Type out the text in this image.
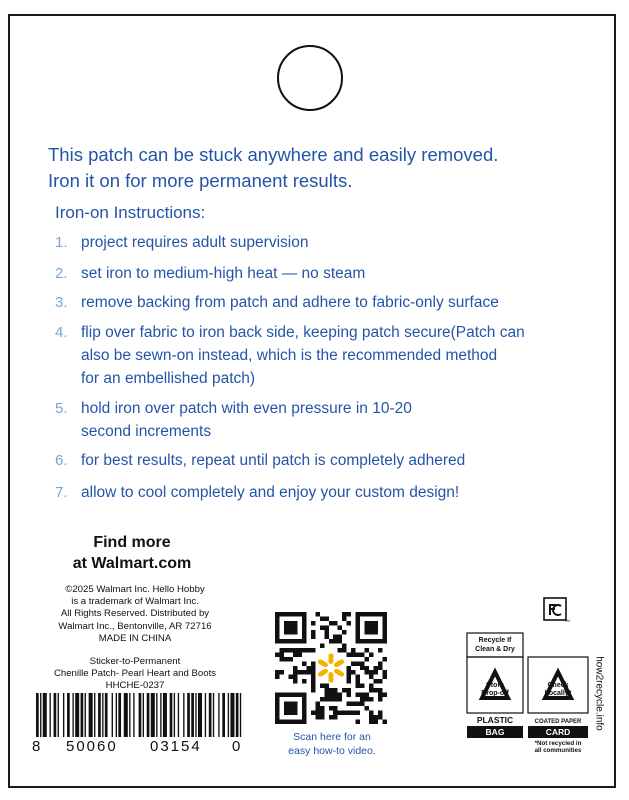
This patch can be stuck anywhere and easily removed.
Iron it on for more permanent results.
Iron-on Instructions:
1. project requires adult supervision
2. set iron to medium-high heat — no steam
3. remove backing from patch and adhere to fabric-only surface
4. flip over fabric to iron back side, keeping patch secure(Patch can
also be sewn-on instead, which is the recommended method
for an embellished patch)
5. hold iron over patch with even pressure in 10-20
second increments
6. for best results, repeat until patch is completely adhered
7. allow to cool completely and enjoy your custom design!
Find more
at Walmart.com
©2025 Walmart Inc. Hello Hobby
is a trademark of Walmart Inc.
All Rights Reserved. Distributed by
Walmart Inc., Bentonville, AR 72716
MADE IN CHINA
Sticker-to-Permanent
Chenille Patch- Pearl Heart and Boots
HHCHE-0237
8 50060 03154 0
Scan here for an
easy how-to video.
TM
Recycle If
Clean & Dry
Store
Drop-off
Check
Locally*
PLASTIC
BAG
COATED PAPER
CARD
*Not recycled in
all communities
how2recycle.info
